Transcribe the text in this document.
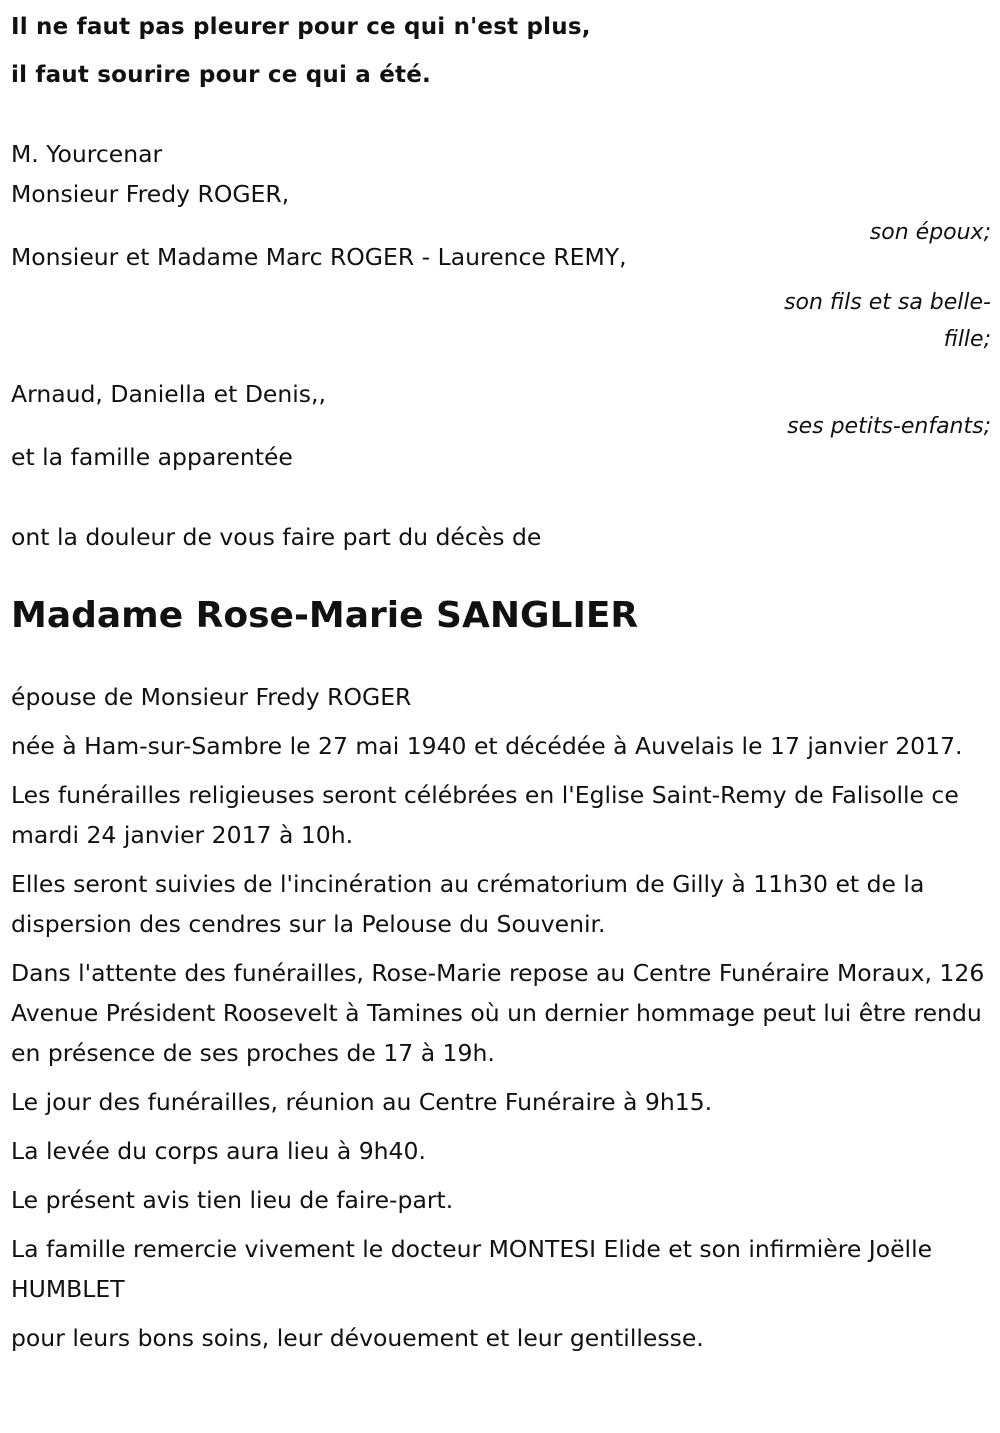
Il ne faut pas pleurer pour ce qui n'est plus,
il faut sourire pour ce qui a été.

M. Yourcenar

Monsieur Fredy ROGER,
son époux;
Monsieur et Madame Marc ROGER - Laurence REMY,
son fils et sa belle-fille;
Arnaud, Daniella et Denis,,
ses petits-enfants;
et la famille apparentée

ont la douleur de vous faire part du décès de

Madame Rose-Marie SANGLIER

épouse de Monsieur Fredy ROGER

née à Ham-sur-Sambre le 27 mai 1940 et décédée à Auvelais le 17 janvier 2017.

Les funérailles religieuses seront célébrées en l'Eglise Saint-Remy de Falisolle ce mardi 24 janvier 2017 à 10h.

Elles seront suivies de l'incinération au crématorium de Gilly à 11h30 et de la dispersion des cendres sur la Pelouse du Souvenir.

Dans l'attente des funérailles, Rose-Marie repose au Centre Funéraire Moraux, 126 Avenue Président Roosevelt à Tamines où un dernier hommage peut lui être rendu en présence de ses proches de 17 à 19h.

Le jour des funérailles, réunion au Centre Funéraire à 9h15.

La levée du corps aura lieu à 9h40.

Le présent avis tien lieu de faire-part.

La famille remercie vivement le docteur MONTESI Elide et son infirmière Joëlle HUMBLET

pour leurs bons soins, leur dévouement et leur gentillesse.
